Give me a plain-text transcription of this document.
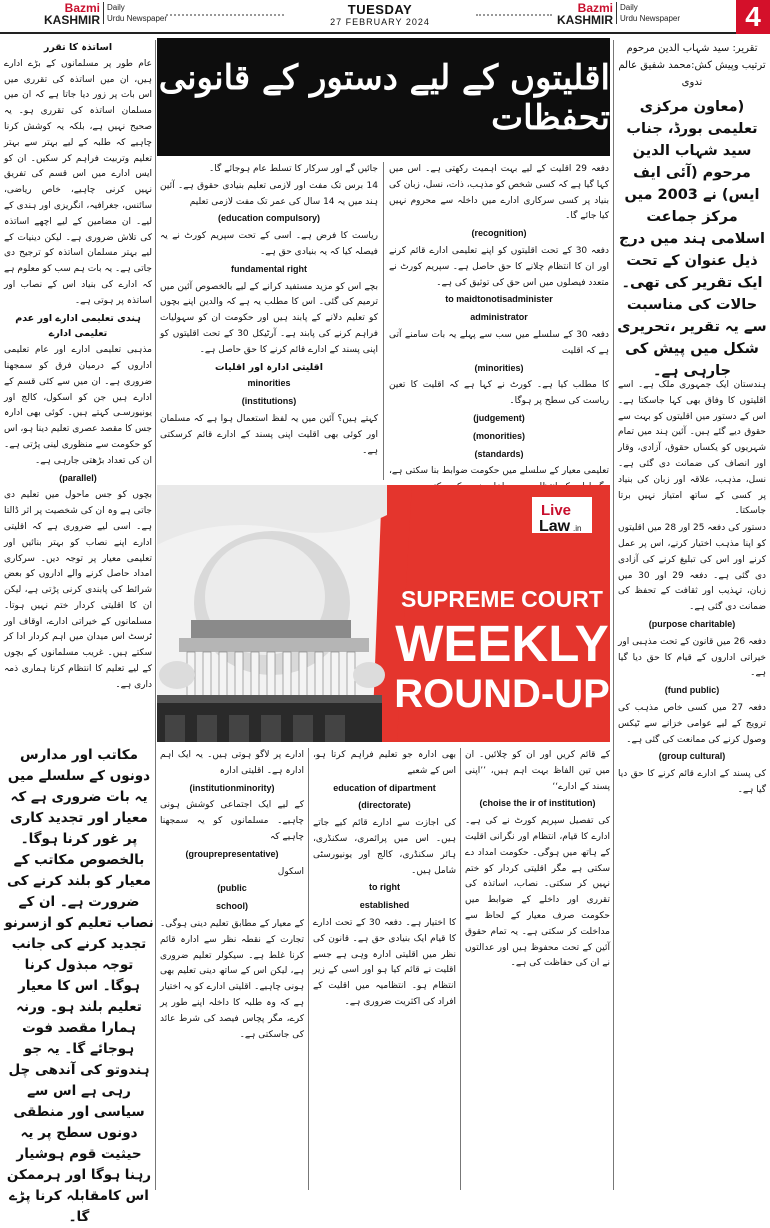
Bazmi
KASHMIR
Daily
Urdu Newspaper
TUESDAY
27 FEBRUARY 2024
Bazmi
KASHMIR
Daily
Urdu Newspaper	4
تقریر: سید شہاب الدین مرحوم
ترتیب وپیش کش:محمد شفیق عالم ندوی
(معاون مرکزی تعلیمی بورڈ، جناب سید شہاب الدین مرحوم (آئی ایف ایس) نے 2003 میں مرکز جماعت اسلامی ہند میں درج ذیل عنوان کے تحت ایک تقریر کی تھی۔ حالات کی مناسبت سے یہ تقریر ،تحریری شکل میں پیش کی جارہی ہے۔
اقلیتوں کے لیے دستور کے قانونی تحفظات

اساتذہ کا تقرر

عام طور پر مسلمانوں کے بڑے ادارے ہیں، ان میں اساتذہ کی تقرری میں اس بات پر زور دیا جاتا ہے کہ ان میں مسلمان اساتذہ کی تقرری ہو۔ یہ صحیح نہیں ہے، بلکہ یہ کوشش کرنا چاہیے کہ طلبہ کے لیے بہتر سے بہتر تعلیم وتربیت فراہم کر سکیں۔ ان کو ایس ادارے میں اس قسم کی تفریق نہیں کرنی چاہیے، خاص ریاضی، سائنس، جغرافیہ، انگریزی اور ہندی کے لیے۔ ان مضامین کے لیے اچھے اساتذہ کی تلاش ضروری ہے۔ لیکن دینیات کے لیے بہتر مسلمان اساتذہ کو ترجیح دی جاتی ہے۔ یہ بات ہم سب کو معلوم ہے کہ ادارے کی بنیاد اس کے نصاب اور اساتذہ پر ہوتی ہے۔

ہندی تعلیمی ادارے اور عدم تعلیمی ادارے

مذہبی تعلیمی ادارے اور عام تعلیمی اداروں کے درمیان فرق کو سمجھنا ضروری ہے۔ ان میں سے کئی قسم کے ادارے ہیں جن کو اسکول، کالج اور یونیورسـی کہتے ہیں۔ کوئی بھی ادارہ جس کا مقصد عصری تعلیم دینا ہو، اس کو حکومت سے منظوری لینی پڑتی ہے۔ ان کی تعداد بڑھتی جارہی ہے۔

(parallel)

بچوں کو جس ماحول میں تعلیم دی جاتی ہے وہ ان کی شخصیت پر اثر ڈالتا ہے۔ اسی لیے ضروری ہے کہ اقلیتی ادارے اپنے نصاب کو بہتر بنائیں اور تعلیمی معیار پر توجہ دیں۔ سرکاری امداد حاصل کرنے والے اداروں کو بعض شرائط کی پابندی کرنی پڑتی ہے، لیکن ان کا اقلیتی کردار ختم نہیں ہوتا۔ مسلمانوں کے خیراتی ادارے، اوقاف اور ٹرسٹ اس میدان میں اہم کردار ادا کر سکتے ہیں۔ غریب مسلمانوں کے بچوں کے لیے تعلیم کا انتظام کرنا ہماری ذمہ داری ہے۔

جائیں گے اور سرکار کا تسلط عام ہوجائے گا۔

14 برس تک مفت اور لازمی تعلیم بنیادی حقوق ہے۔ آئین ہند میں یہ 14 سال کی عمر تک مفت لازمی تعلیم

(education compulsory)

ریاست کا فرض ہے۔ اسی کے تحت سپریم کورٹ نے یہ فیصلہ کیا کہ یہ بنیادی حق ہے۔

fundamental right

بچے اس کو مزید مستفید کرانے کے لیے بالخصوص آئین میں ترمیم کی گئی۔ اس کا مطلب یہ ہے کہ والدین اپنے بچوں کو تعلیم دلانے کے پابند ہیں اور حکومت ان کو سہولیات فراہم کرنے کی پابند ہے۔ آرٹیکل 30 کے تحت اقلیتوں کو اپنی پسند کے ادارے قائم کرنے کا حق حاصل ہے۔

اقلیتی ادارہ اور اقلیات

minorities

(institutions)

کہتے ہیں؟ آئین میں یہ لفظ استعمال ہوا ہے کہ مسلمان اور کوئی بھی اقلیت اپنی پسند کے ادارے قائم کرسکتی ہے۔

دفعہ 29 اقلیت کے لیے بہت اہمیت رکھتی ہے۔ اس میں کہا گیا ہے کہ کسی شخص کو مذہب، ذات، نسل، زبان کی بنیاد پر کسی سرکاری ادارے میں داخلہ سے محروم نہیں کیا جائے گا۔

(recognition)

دفعہ 30 کے تحت اقلیتوں کو اپنے تعلیمی ادارے قائم کرنے اور ان کا انتظام چلانے کا حق حاصل ہے۔ سپریم کورٹ نے متعدد فیصلوں میں اس حق کی توثیق کی ہے۔

to maidtonotisadminister

administrator

دفعہ 30 کے سلسلے میں سب سے پہلے یہ بات سامنے آتی ہے کہ اقلیت

(minorities)

کا مطلب کیا ہے۔ کورٹ نے کہا ہے کہ اقلیت کا تعین ریاست کی سطح پر ہوگا۔

(judgement)

(monorities)

(standards)

تعلیمی معیار کے سلسلے میں حکومت ضوابط بنا سکتی ہے،

ادارے پر لاگو ہوتی ہیں۔ یہ ایک اہم ادارہ ہے۔ اقلیتی ادارہ

(institutionminority)

کے لیے ایک اجتماعی کوشش ہونی چاہیے۔ مسلمانوں کو یہ سمجھنا چاہیے کہ

(grouprepresentative)

اسکول

(public

school)

کے معیار کے مطابق تعلیم دینی ہوگی۔ تجارت کے نقطہ نظر سے ادارہ قائم کرنا غلط ہے۔ سیکولر تعلیم ضروری ہے، لیکن اس کے ساتھ دینی تعلیم بھی ہونی چاہیے۔ اقلیتی ادارے کو یہ اختیار ہے کہ وہ طلبہ کا داخلہ اپنے طور پر کرے، مگر پچاس فیصد کی شرط عائد کی جاسکتی ہے۔

بھی ادارہ جو تعلیم فراہم کرتا ہو، اس کے شعبے

education of dipartment

(directorate)

کی اجازت سے ادارے قائم کیے جاتے ہیں۔ اس میں پرائمری، سکنڈری، ہائر سکنڈری، کالج اور یونیورسٹی شامل ہیں۔

to right

established

کا اختیار ہے۔ دفعہ 30 کے تحت ادارے کا قیام ایک بنیادی حق ہے۔ قانون کی نظر میں اقلیتی ادارہ وہی ہے جسے اقلیت نے قائم کیا ہو اور اسی کے زیر انتظام ہو۔ انتظامیہ میں اقلیت کے افراد کی اکثریت ضروری ہے۔

کے قائم کریں اور ان کو چلائیں۔ ان میں تین الفاظ بہت اہم ہیں، ’’اپنی پسند کے ادارے‘‘

(choise the ir of institution)

کی تفصیل سپریم کورٹ نے کی ہے۔ ادارے کا قیام، انتظام اور نگرانی اقلیت کے ہاتھ میں ہوگی۔ حکومت امداد دے سکتی ہے مگر اقلیتی کردار کو ختم نہیں کر سکتی۔ نصاب، اساتذہ کی تقرری اور داخلے کے ضوابط میں حکومت صرف معیار کے لحاظ سے مداخلت کر سکتی ہے۔ یہ تمام حقوق آئین کے تحت محفوظ ہیں اور عدالتوں نے ان کی حفاظت کی ہے۔

ہندستان ایک جمہوری ملک ہے۔ اسے اقلیتوں کا وفاق بھی کہا جاسکتا ہے۔ اس کے دستور میں اقلیتوں کو بہت سے حقوق دیے گئے ہیں۔ آئین ہند میں تمام شہریوں کو یکساں حقوق، آزادی، وقار اور انصاف کی ضمانت دی گئی ہے۔ نسل، مذہب، علاقہ اور زبان کی بنیاد پر کسی کے ساتھ امتیاز نہیں برتا جاسکتا۔

دستور کی دفعہ 25 اور 28 میں اقلیتوں کو اپنا مذہب اختیار کرنے، اس پر عمل کرنے اور اس کی تبلیغ کرنے کی آزادی دی گئی ہے۔ دفعہ 29 اور 30 میں زبان، تہذیب اور ثقافت کے تحفظ کی ضمانت دی گئی ہے۔

(purpose charitable)

دفعہ 26 میں قانون کے تحت مذہبی اور خیراتی اداروں کے قیام کا حق دیا گیا ہے۔

(fund public)

دفعہ 27 میں کسی خاص مذہب کی ترویج کے لیے عوامی خزانے سے ٹیکس وصول کرنے کی ممانعت کی گئی ہے۔

(group cultural)

کی پسند کے ادارے قائم کرنے کا حق دیا گیا ہے۔

مکاتب اور مدارس دونوں کے سلسلے میں یہ بات ضروری ہے کہ معیار اور تجدید کاری پر غور کرنا ہوگا۔ بالخصوص مکاتب کے معیار کو بلند کرنے کی ضرورت ہے۔ ان کے نصاب تعلیم کو ازسرنو تجدید کرنے کی جانب توجہ مبذول کرنا ہوگا۔ اس کا معیار تعلیم بلند ہو۔ ورنہ ہمارا مقصد فوت ہوجائے گا۔ یہ جو ہندوتو کی آندھی چل رہی ہے اس سے سیاسی اور منطقی دونوں سطح پر یہ حیثیت قوم ہوشیار رہنا ہوگا اور ہرممکن اس کامقابلہ کرنا پڑے گا۔
Live
Law .in
SUPREME COURT
WEEKLY
ROUND-UP
